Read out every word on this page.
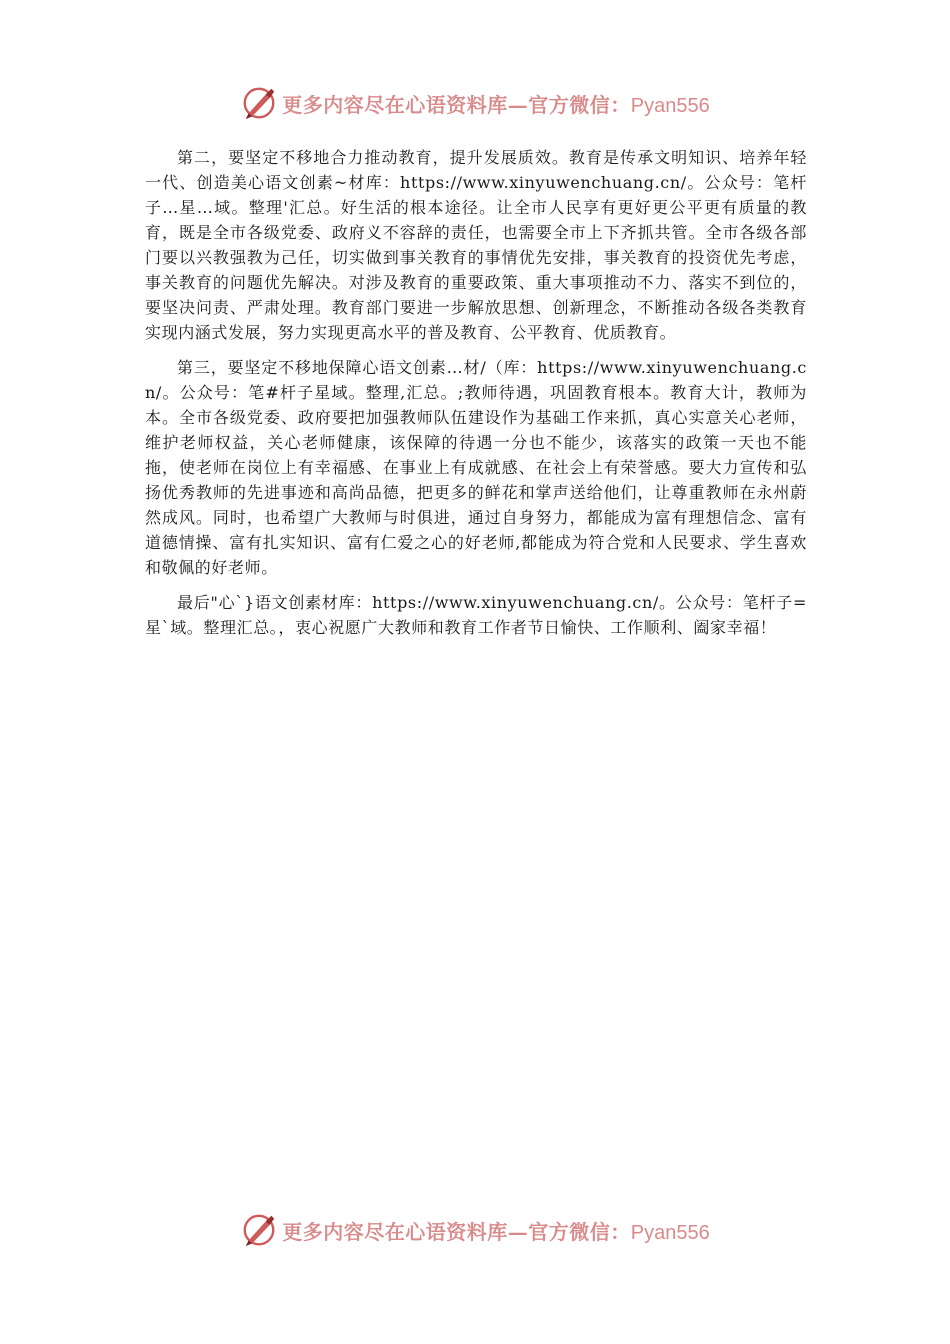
更多内容尽在心语资料库—官方微信：Pyan556

第二，要坚定不移地合力推动教育，提升发展质效。教育是传承文明知识、培养年轻一代、创造美心语文创素~材库：https://www.xinyuwenchuang.cn/。公众号：笔杆子…星…域。整理'汇总。好生活的根本途径。让全市人民享有更好更公平更有质量的教育，既是全市各级党委、政府义不容辞的责任，也需要全市上下齐抓共管。全市各级各部门要以兴教强教为己任，切实做到事关教育的事情优先安排，事关教育的投资优先考虑，事关教育的问题优先解决。对涉及教育的重要政策、重大事项推动不力、落实不到位的，要坚决问责、严肃处理。教育部门要进一步解放思想、创新理念，不断推动各级各类教育实现内涵式发展，努力实现更高水平的普及教育、公平教育、优质教育。

第三，要坚定不移地保障心语文创素…材/（库：https://www.xinyuwenchuang.cn/。公众号：笔#杆子星域。整理,汇总。;教师待遇，巩固教育根本。教育大计，教师为本。全市各级党委、政府要把加强教师队伍建设作为基础工作来抓，真心实意关心老师，维护老师权益，关心老师健康，该保障的待遇一分也不能少，该落实的政策一天也不能拖，使老师在岗位上有幸福感、在事业上有成就感、在社会上有荣誉感。要大力宣传和弘扬优秀教师的先进事迹和高尚品德，把更多的鲜花和掌声送给他们，让尊重教师在永州蔚然成风。同时，也希望广大教师与时俱进，通过自身努力，都能成为富有理想信念、富有道德情操、富有扎实知识、富有仁爱之心的好老师,都能成为符合党和人民要求、学生喜欢和敬佩的好老师。

最后"心`}语文创素材库：https://www.xinyuwenchuang.cn/。公众号：笔杆子=星`域。整理汇总。，衷心祝愿广大教师和教育工作者节日愉快、工作顺利、阖家幸福！

更多内容尽在心语资料库—官方微信：Pyan556
